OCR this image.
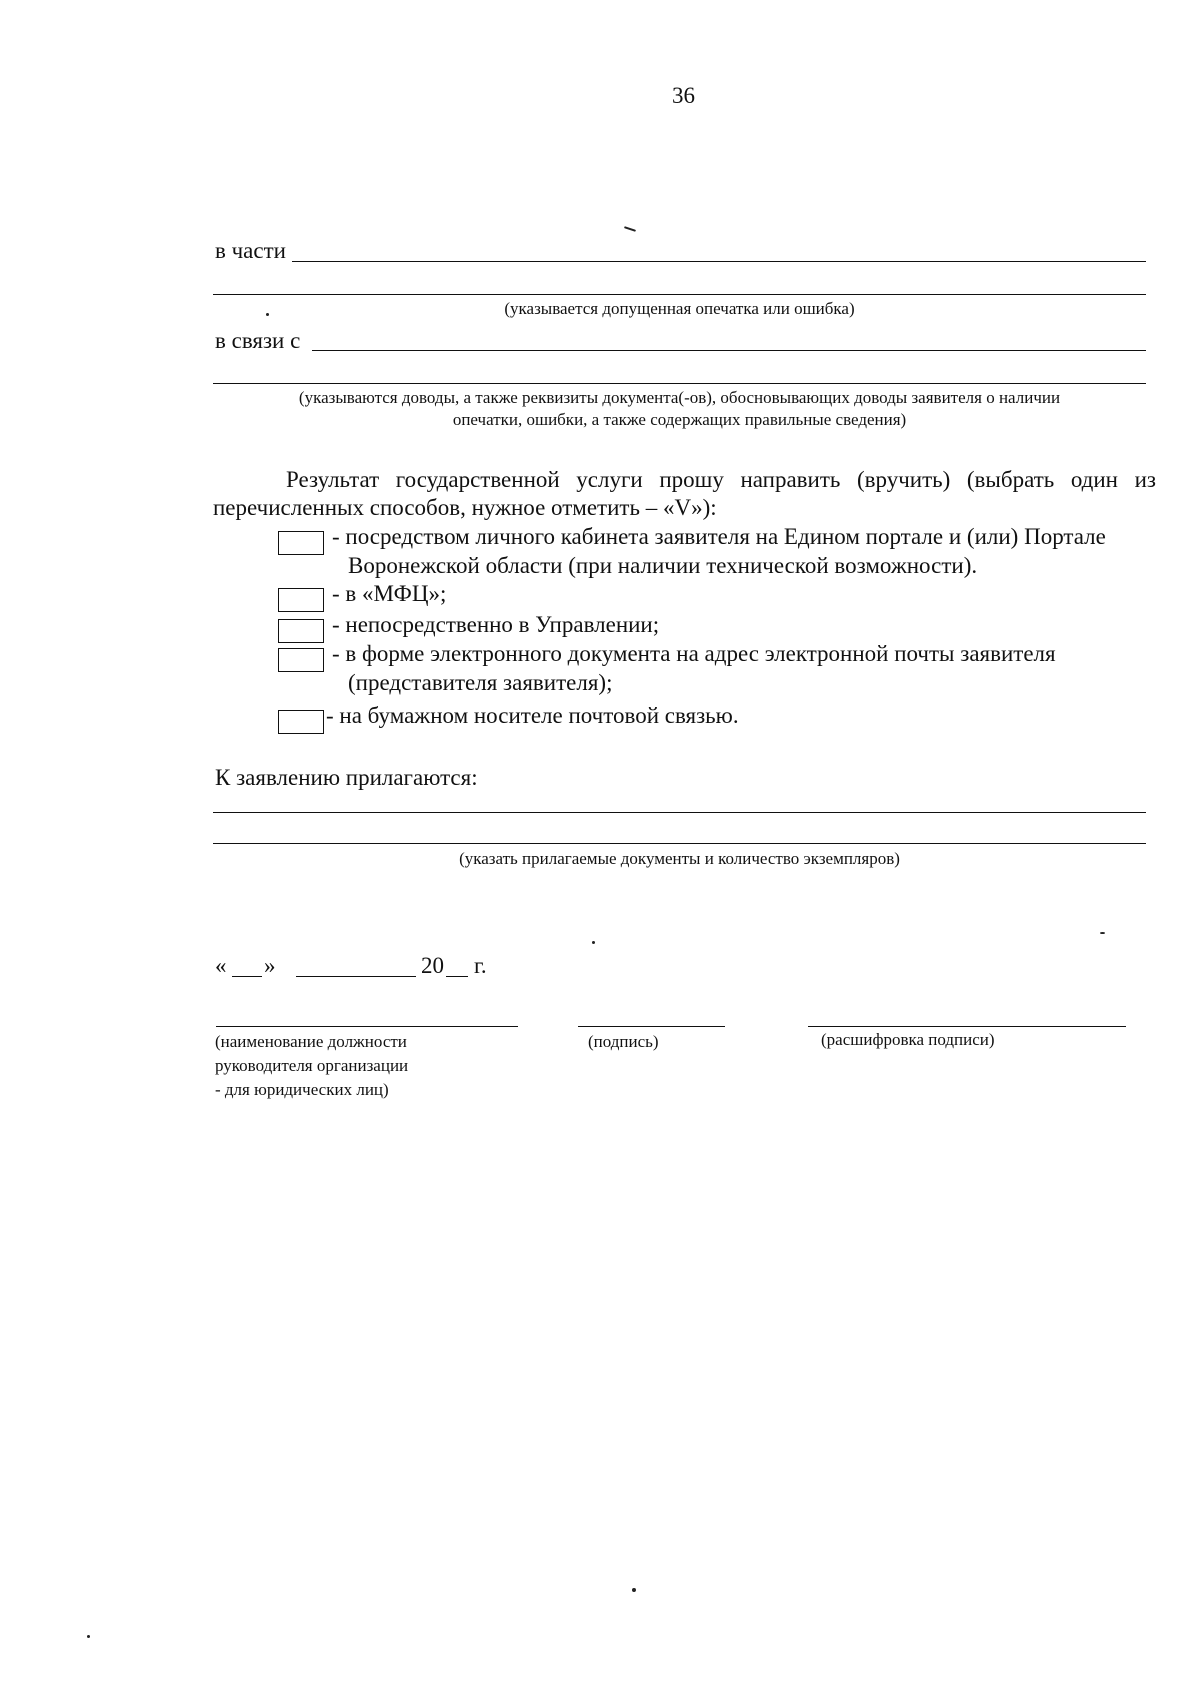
36
в части
(указывается допущенная опечатка или ошибка)
в связи с
(указываются доводы, а также реквизиты документа(-ов), обосновывающих доводы заявителя о наличии
опечатки, ошибки, а также содержащих правильные сведения)
Результат государственной услуги прошу направить (вручить) (выбрать один из
перечисленных способов, нужное отметить – «V»):
- посредством личного кабинета заявителя на Едином портале и (или) Портале
Воронежской области (при наличии технической возможности).
- в «МФЦ»;
- непосредственно в Управлении;
- в форме электронного документа на адрес электронной почты заявителя
(представителя заявителя);
- на бумажном носителе почтовой связью.
К заявлению прилагаются:
(указать прилагаемые документы и количество экземпляров)
« »	20 г.
(наименование должности
руководителя организации
- для юридических лиц)
(подпись)	(расшифровка подписи)
